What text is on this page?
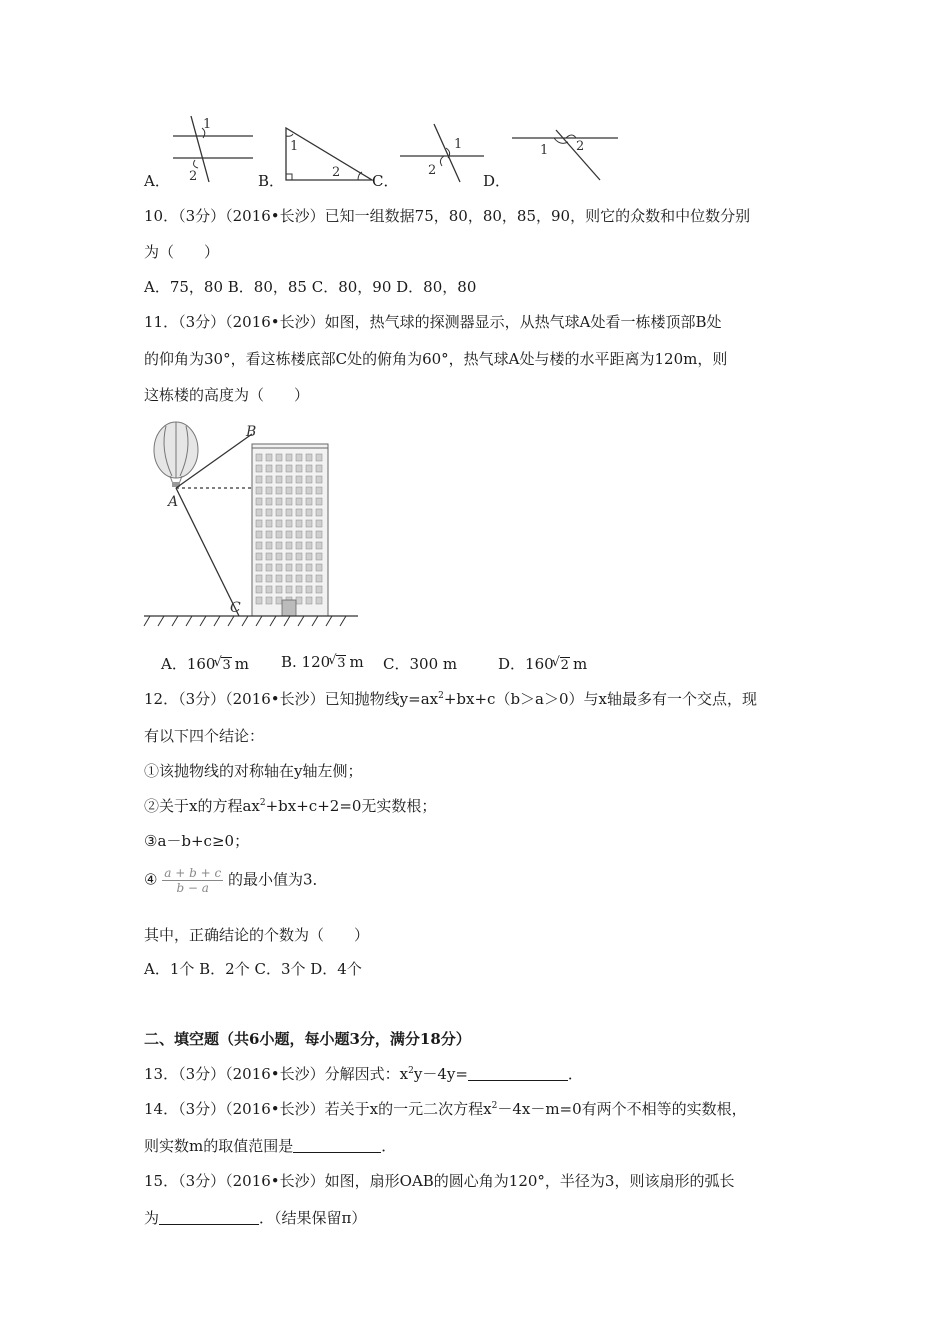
A．
1
2	B．
1
2 C．
1
2
D．
1 2
10．（3分）（2016•长沙）已知一组数据75，80，80，85，90，则它的众数和中位数分别
为（　　）
A．75，80 B．80，85 C．80，90 D．80，80
11．（3分）（2016•长沙）如图，热气球的探测器显示，从热气球A处看一栋楼顶部B处
的仰角为30°，看这栋楼底部C处的俯角为60°，热气球A处与楼的水平距离为120m，则
这栋楼的高度为（　　）
B
A
C
A．160 √ 3 m B. 120 √ 3 m C．300 m	D．160 √ 2 m
12．（3分）（2016•长沙）已知抛物线$y=ax^2+bx+c(b>a>0)$与x轴最多有一个交点，现
有以下四个结论：
①该抛物线的对称轴在y轴左侧；
②关于x的方程$ax^2+bx+c+2=0$无实数根；
③a－b+c≥0；
④ $\frac{a + b + c}{b - a}$ 的最小值为3．
其中，正确结论的个数为（　　）
A．1个 B．2个 C．3个 D．4个
二、填空题（共6小题，每小题3分，满分18分）
13．（3分）（2016•长沙）分解因式：$x^2y-4y=$	．
14．（3分）（2016•长沙）若关于x的一元二次方程$x^2-4x-m=0$有两个不相等的实数根，
则实数m的取值范围是	．
15．（3分）（2016•长沙）如图，扇形OAB的圆心角为120°，半径为3，则该扇形的弧长
为	．（结果保留π）
